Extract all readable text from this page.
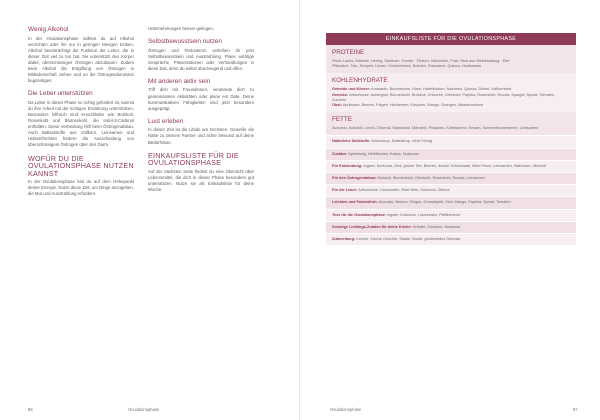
Wenig Alkohol

In der Ovulationsphase solltest du auf Alkohol verzichten oder ihn nur in geringen Mengen trinken. Alkohol beeinträchtigt die Funktion der Leber, die in dieser Zeit viel zu tun hat. Sie unterstützt den Körper dabei, überschüssiges Östrogen abzubauen. Zudem kann Alkohol die Entgiftung von Östrogen in Mitleidenschaft ziehen und so die Östrogendominanz begünstigen.

Die Leber unterstützen

Da Leber in dieser Phase so richtig gefordert ist, kannst du ihre Arbeit mit der richtigen Ernährung unterstützen. Besonders hilfreich sind Kreuzblütler wie Brokkoli, Rosenkohl und Blumenkohl, die Indol-3-Carbinol enthalten. Diese Verbindung hilft beim Östrogenabbau. Auch Ballaststoffe aus Vollkorn, Leinsamen und Hülsenfrüchten fördern die Ausscheidung von überschüssigem Östrogen über den Darm.

WOFÜR DU DIE OVULATIONSPHASE NUTZEN KANNST

In der Ovulationsphase bist du auf dem Höhepunkt deiner Energie. Nutze diese Zeit, um Dinge anzugehen, die Mut und Ausstrahlung erfordern.

Unternehmungen besser gelingen.

Selbstbewusstsein nutzen

Östrogen und Testosteron verleihen dir jetzt Selbstbewusstsein und Ausstrahlung. Plane wichtige Gespräche, Präsentationen oder Verhandlungen in diese Zeit, denn du wirkst überzeugend und offen.

Mit anderen aktiv sein

Triff dich mit Freundinnen, verabrede dich zu gemeinsamen Aktivitäten oder plane ein Date. Deine kommunikativen Fähigkeiten sind jetzt besonders ausgeprägt.

Lust erleben

In dieser Zeit ist die Libido am höchsten. Genieße die Nähe zu deinem Partner und achte bewusst auf deine Bedürfnisse.

EINKAUFSLISTE FÜR DIE OVULATIONSPHASE

Auf der nächsten Seite findest du eine Übersicht über Lebensmittel, die dich in dieser Phase besonders gut unterstützen. Nutze sie als Einkaufsliste für deine Woche.

86	Ovulationsphase
EINKAUFSLISTE FÜR DIE OVULATIONSPHASE
PROTEINE

Fisch: Lachs, Makrele, Hering, Sardinen, Forelle · Fleisch: Hähnchen, Pute, Rind aus Weidehaltung · Eier

Pflanzlich: Tofu, Tempeh, Linsen, Kichererbsen, Bohnen, Edamame, Quinoa, Hanfsamen

KOHLENHYDRATE

Getreide und Körner: Amaranth, Buchweizen, Hirse, Haferflocken, Naturreis, Quinoa, Dinkel, Vollkornbrot

Gemüse: Artischocke, Aubergine, Blumenkohl, Brokkoli, Chicorée, Grünkohl, Paprika, Rosenkohl, Rucola, Spargel, Spinat, Tomaten, Zucchini

Obst: Aprikosen, Beeren, Feigen, Himbeeren, Kirschen, Mango, Orangen, Wassermelone

FETTE

Avocado, Kokosöl, Leinöl, Olivenöl, Walnussöl, Mandeln, Pistazien, Kürbiskerne, Sesam, Sonnenblumenkerne, Leinsamen

Natürliche Süßstoffe: Ahornsirup, Dattelsirup, roher Honig
Zusätze: Apfelessig, Hefeflocken, Kakao, Nussmus
Für Entzündung: Ingwer, Kurkuma, Zimt, grüner Tee, Beeren, dunkle Schokolade, fetter Fisch, Leinsamen, Walnüsse, Olivenöl
Für den Östrogenabbau: Brokkoli, Blumenkohl, Grünkohl, Rosenkohl, Rucola, Leinsamen
Für die Leber: Artischocke, Löwenzahn, Rote Bete, Kurkuma, Zitrone
Leichtes und Farbenfroh: Avocado, Beeren, Feigen, Granatapfel, Kiwi, Mango, Paprika, Spinat, Tomaten
Tees für die Ovulationsphase: Ingwer, Kurkuma, Löwenzahn, Pfefferminze
Sonstige Lieblings-Zutaten für deine Küche: Kräuter, Gewürze, Nussmus
Zubereitung: Leichte, frische Gerichte: Salate, Bowls, gedünstetes Gemüse
Ovulationsphase	87
